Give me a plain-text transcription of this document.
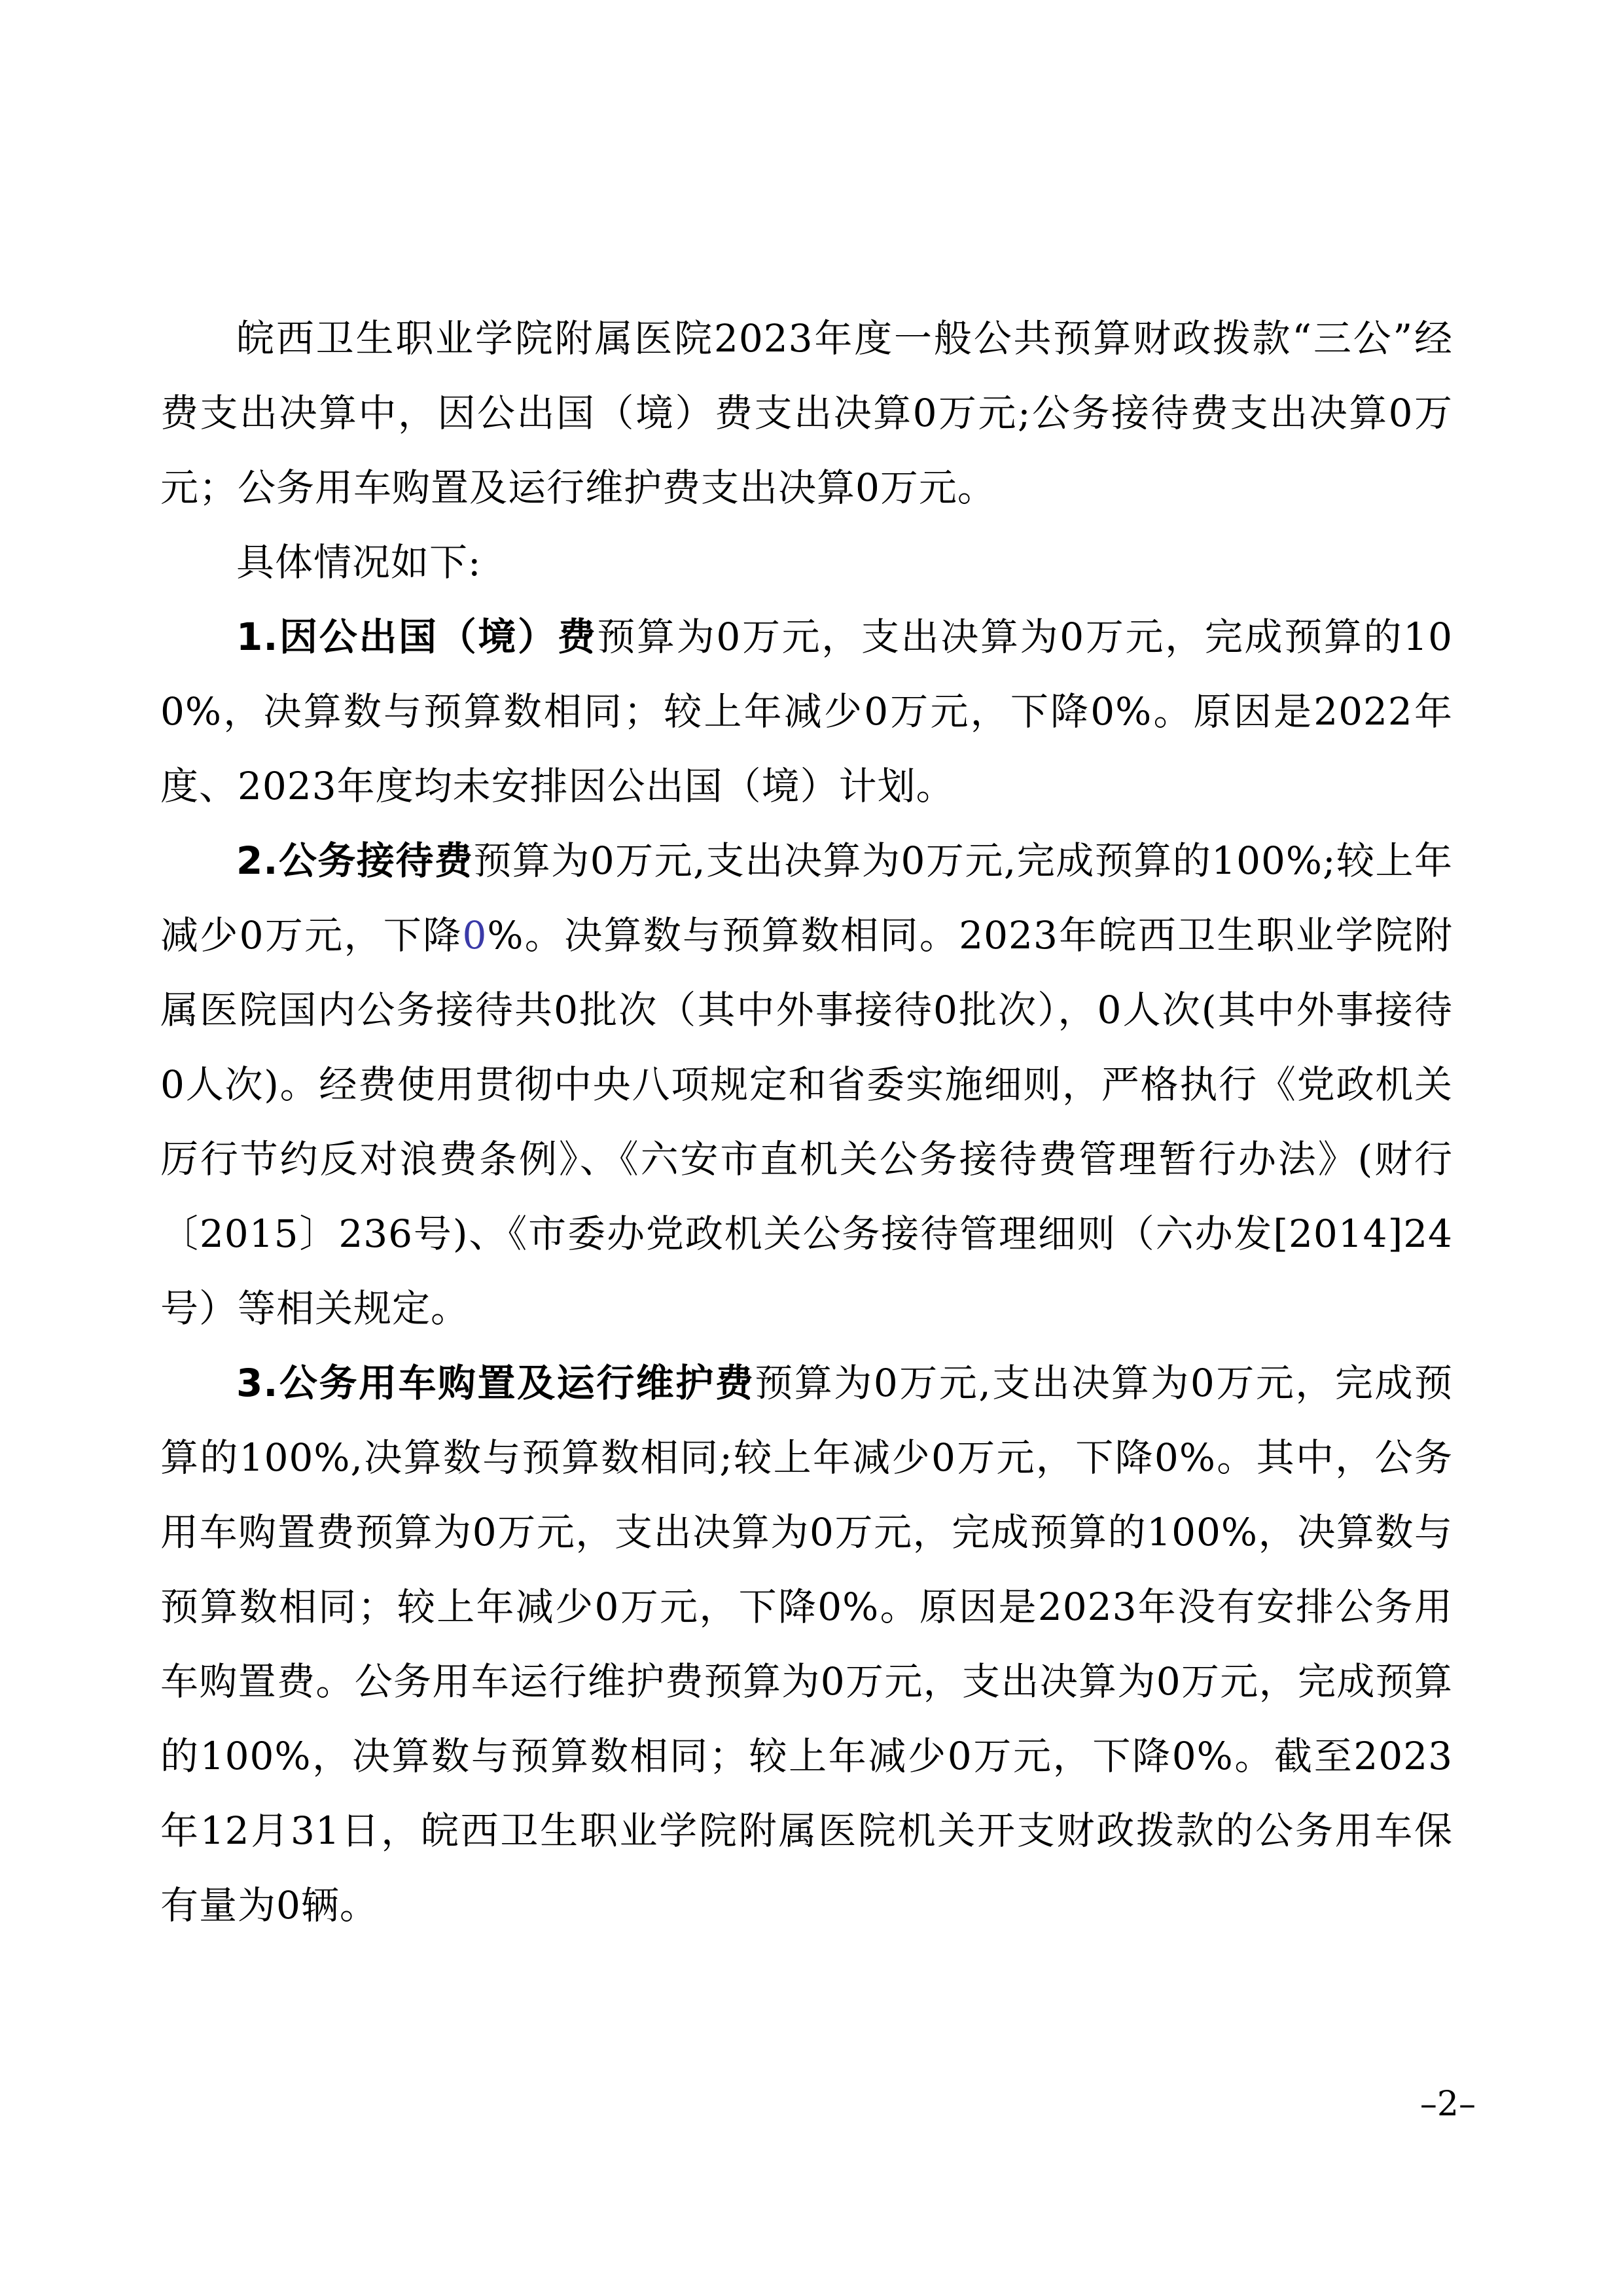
皖西卫生职业学院附属医院2023年度一般公共预算财政拨款“三公”经费支出决算中，因公出国（境）费支出决算0万元;公务接待费支出决算0万元；公务用车购置及运行维护费支出决算0万元。

具体情况如下:

1.因公出国（境）费预算为0万元，支出决算为0万元，完成预算的100%，决算数与预算数相同；较上年减少0万元，下降0%。原因是2022年度、2023年度均未安排因公出国（境）计划。

2.公务接待费预算为0万元,支出决算为0万元,完成预算的100%;较上年减少0万元，下降0%。决算数与预算数相同。2023年皖西卫生职业学院附属医院国内公务接待共0批次（其中外事接待0批次），0人次(其中外事接待0人次)。经费使用贯彻中央八项规定和省委实施细则，严格执行《党政机关厉行节约反对浪费条例》、《六安市直机关公务接待费管理暂行办法》(财行〔2015〕236号)、《市委办党政机关公务接待管理细则（六办发[2014]24号）等相关规定。

3.公务用车购置及运行维护费预算为0万元,支出决算为0万元，完成预算的100%,决算数与预算数相同;较上年减少0万元，下降0%。其中，公务用车购置费预算为0万元，支出决算为0万元，完成预算的100%，决算数与预算数相同；较上年减少0万元，下降0%。原因是2023年没有安排公务用车购置费。公务用车运行维护费预算为0万元，支出决算为0万元，完成预算的100%，决算数与预算数相同；较上年减少0万元，下降0%。截至2023年12月31日，皖西卫生职业学院附属医院机关开支财政拨款的公务用车保有量为0辆。

–2–
